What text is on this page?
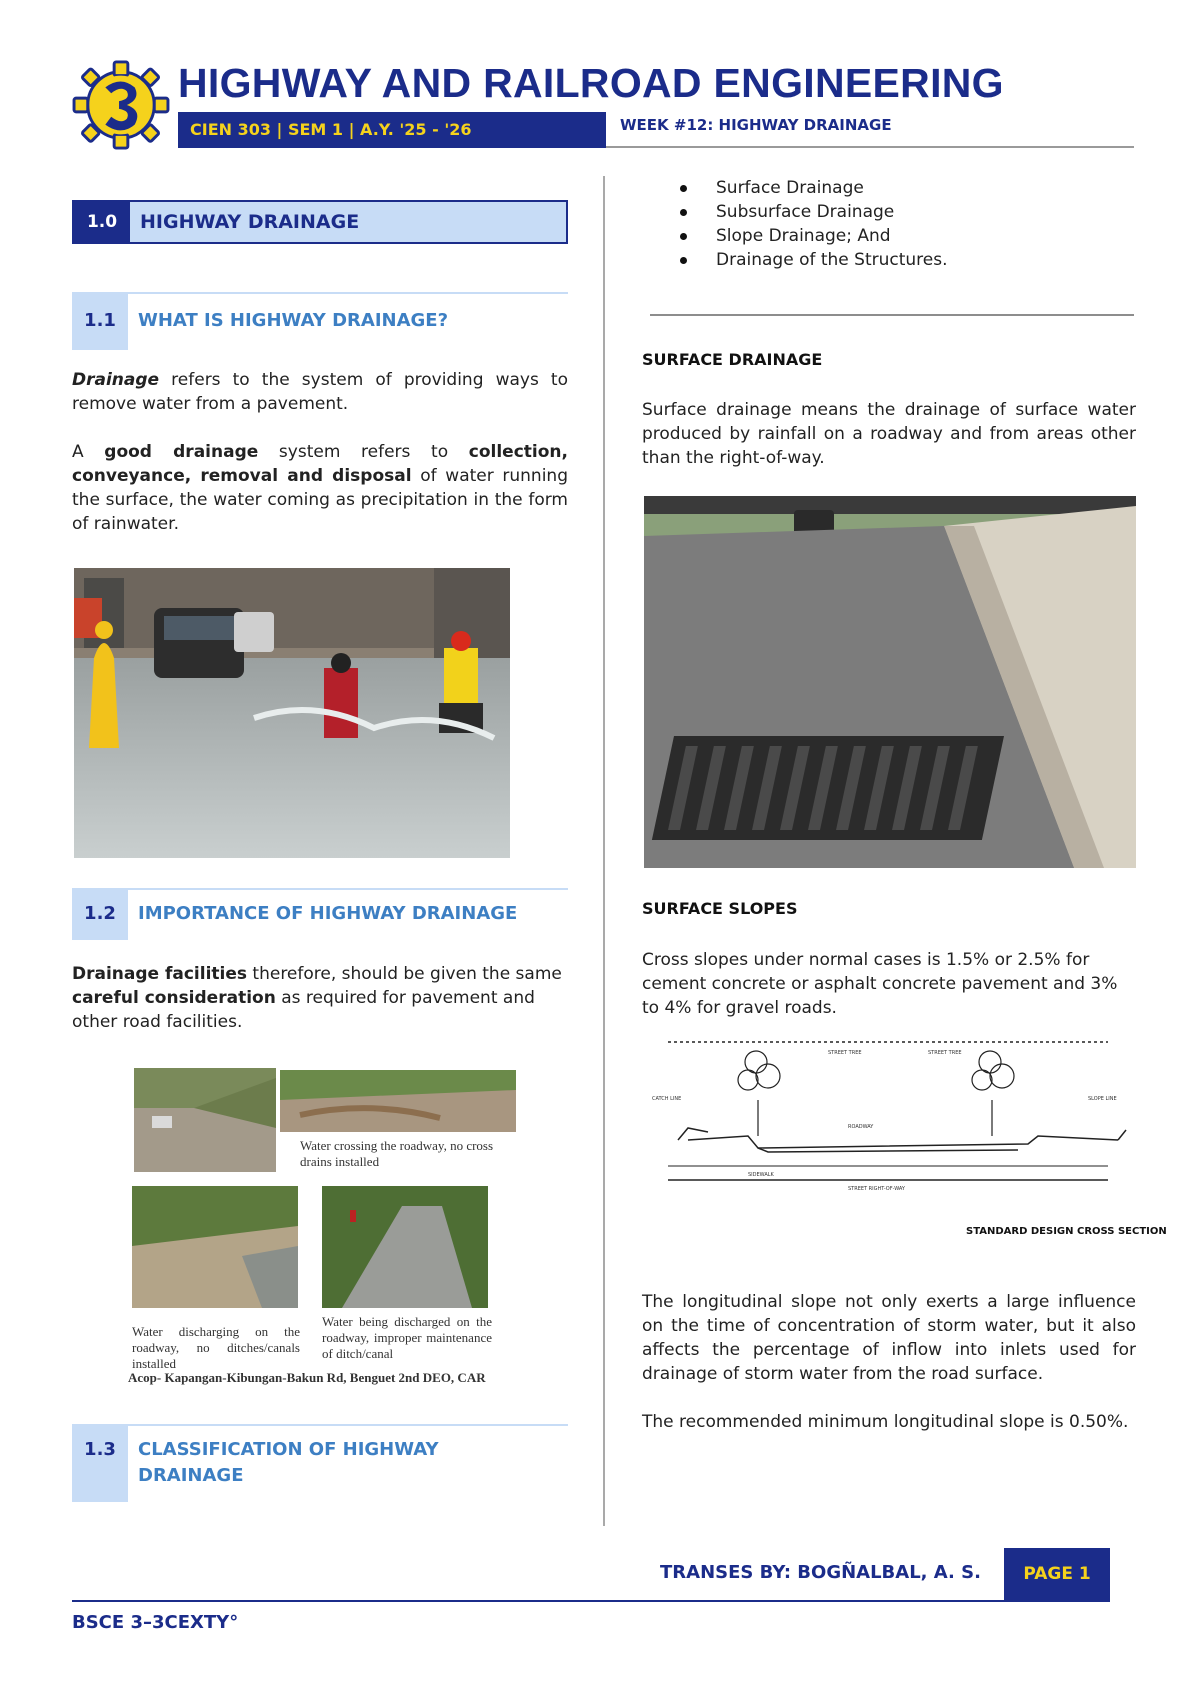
HIGHWAY AND RAILROAD ENGINEERING
CIEN 303 | SEM 1 | A.Y. '25 - '26	WEEK #12: HIGHWAY DRAINAGE
1.0	HIGHWAY DRAINAGE
1.1	WHAT IS HIGHWAY DRAINAGE?

Drainage refers to the system of providing ways to remove water from a pavement.

A good drainage system refers to collection, conveyance, removal and disposal of water running the surface, the water coming as precipitation in the form of rainwater.

1.2	IMPORTANCE OF HIGHWAY DRAINAGE

Drainage facilities therefore, should be given the same careful consideration as required for pavement and other road facilities.

Water crossing the roadway, no cross drains installed
Water discharging on the roadway, no ditches/canals installed
Water being discharged on the roadway, improper maintenance of ditch/canal
Acop- Kapangan-Kibungan-Bakun Rd, Benguet 2nd DEO, CAR
1.3	CLASSIFICATION OF HIGHWAY
DRAINAGE
Surface Drainage
Subsurface Drainage
Slope Drainage; And
Drainage of the Structures.
SURFACE DRAINAGE

Surface drainage means the drainage of surface water produced by rainfall on a roadway and from areas other than the right-of-way.

SURFACE SLOPES

Cross slopes under normal cases is 1.5% or 2.5% for cement concrete or asphalt concrete pavement and 3% to 4% for gravel roads.

STREET TREE	STREET TREE
CATCH LINE	SLOPE LINE
ROADWAY
SIDEWALK
STREET RIGHT-OF-WAY
STANDARD DESIGN CROSS SECTION

The longitudinal slope not only exerts a large influence on the time of concentration of storm water, but it also affects the percentage of inflow into inlets used for drainage of storm water from the road surface.

The recommended minimum longitudinal slope is 0.50%.

TRANSES BY: BOGÑALBAL, A. S.	PAGE 1
BSCE 3–3CEXTY°
